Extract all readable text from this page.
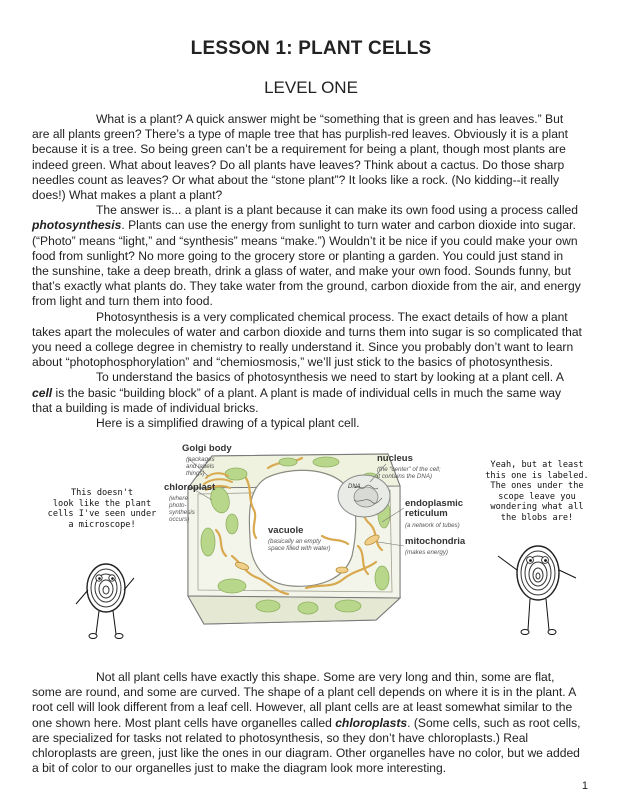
LESSON 1: PLANT CELLS
LEVEL ONE

What is a plant? A quick answer might be “something that is green and has leaves.” But are all plants green? There’s a type of maple tree that has purplish-red leaves. Obviously it is a plant because it is a tree. So being green can’t be a requirement for being a plant, though most plants are indeed green. What about leaves? Do all plants have leaves? Think about a cactus. Do those sharp needles count as leaves? Or what about the “stone plant”? It looks like a rock. (No kidding--it really does!) What makes a plant a plant?

The answer is... a plant is a plant because it can make its own food using a process called photosynthesis. Plants can use the energy from sunlight to turn water and carbon dioxide into sugar. (“Photo” means “light,” and “synthesis” means “make.”) Wouldn’t it be nice if you could make your own food from sunlight? No more going to the grocery store or planting a garden. You could just stand in the sunshine, take a deep breath, drink a glass of water, and make your own food. Sounds funny, but that’s exactly what plants do. They take water from the ground, carbon dioxide from the air, and energy from light and turn them into food.

Photosynthesis is a very complicated chemical process. The exact details of how a plant takes apart the molecules of water and carbon dioxide and turns them into sugar is so complicated that you need a college degree in chemistry to really understand it. Since you probably don’t want to learn about “photophosphorylation” and “chemiosmosis,” we’ll just stick to the basics of photosynthesis.

To understand the basics of photosynthesis we need to start by looking at a plant cell. A cell is the basic “building block” of a plant. A plant is made of individual cells in much the same way that a building is made of individual bricks.

Here is a simplified drawing of a typical plant cell.

Golgi body
(packages
and labels
things)
chloroplast
(where
photo-
synthesis
occurs)
vacuole
(basically an empty
space filled with water)
nucleus
(the “center” of the cell;
it contains the DNA)
DNA
endoplasmic
reticulum
(a network of tubes)
mitochondria
(makes energy)
This doesn't
look like the plant
cells I've seen under
a microscope!
Yeah, but at least
this one is labeled.
The ones under the
scope leave you
wondering what all
the blobs are!

Not all plant cells have exactly this shape. Some are very long and thin, some are flat, some are round, and some are curved. The shape of a plant cell depends on where it is in the plant. A root cell will look different from a leaf cell. However, all plant cells are at least somewhat similar to the one shown here. Most plant cells have organelles called chloroplasts. (Some cells, such as root cells, are specialized for tasks not related to photosynthesis, so they don’t have chloroplasts.) Real chloroplasts are green, just like the ones in our diagram. Other organelles have no color, but we added a bit of color to our organelles just to make the diagram look more interesting.

1
